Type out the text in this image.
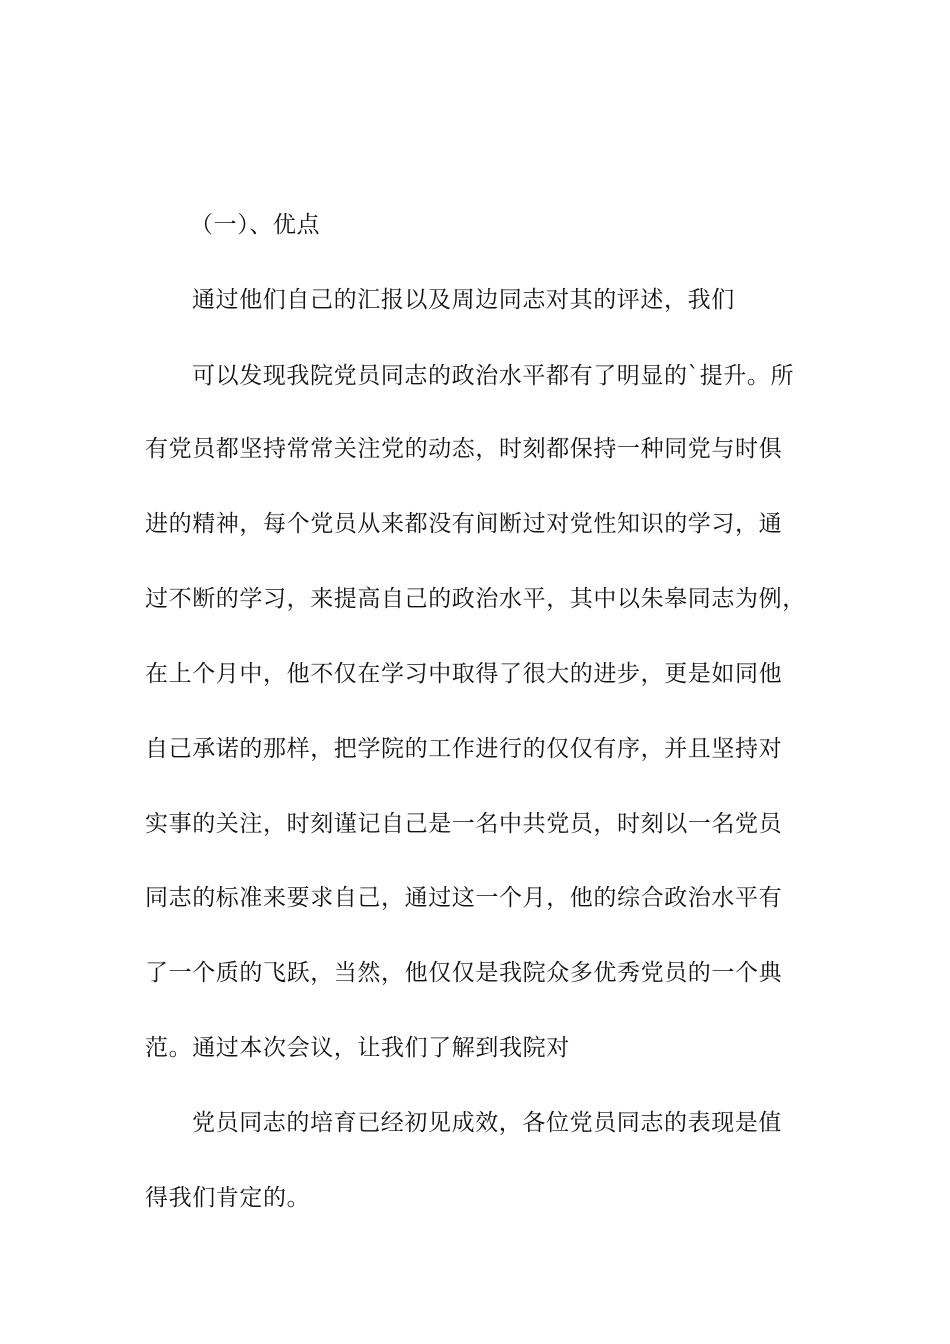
（一）、优点
通过他们自己的汇报以及周边同志对其的评述，我们
可以发现我院党员同志的政治水平都有了明显的`提升。所
有党员都坚持常常关注党的动态，时刻都保持一种同党与时俱
进的精神，每个党员从来都没有间断过对党性知识的学习，通
过不断的学习，来提高自己的政治水平，其中以朱皋同志为例，
在上个月中，他不仅在学习中取得了很大的进步，更是如同他
自己承诺的那样，把学院的工作进行的仅仅有序，并且坚持对
实事的关注，时刻谨记自己是一名中共党员，时刻以一名党员
同志的标准来要求自己，通过这一个月，他的综合政治水平有
了一个质的飞跃，当然，他仅仅是我院众多优秀党员的一个典
范。通过本次会议，让我们了解到我院对
党员同志的培育已经初见成效，各位党员同志的表现是值
得我们肯定的。
